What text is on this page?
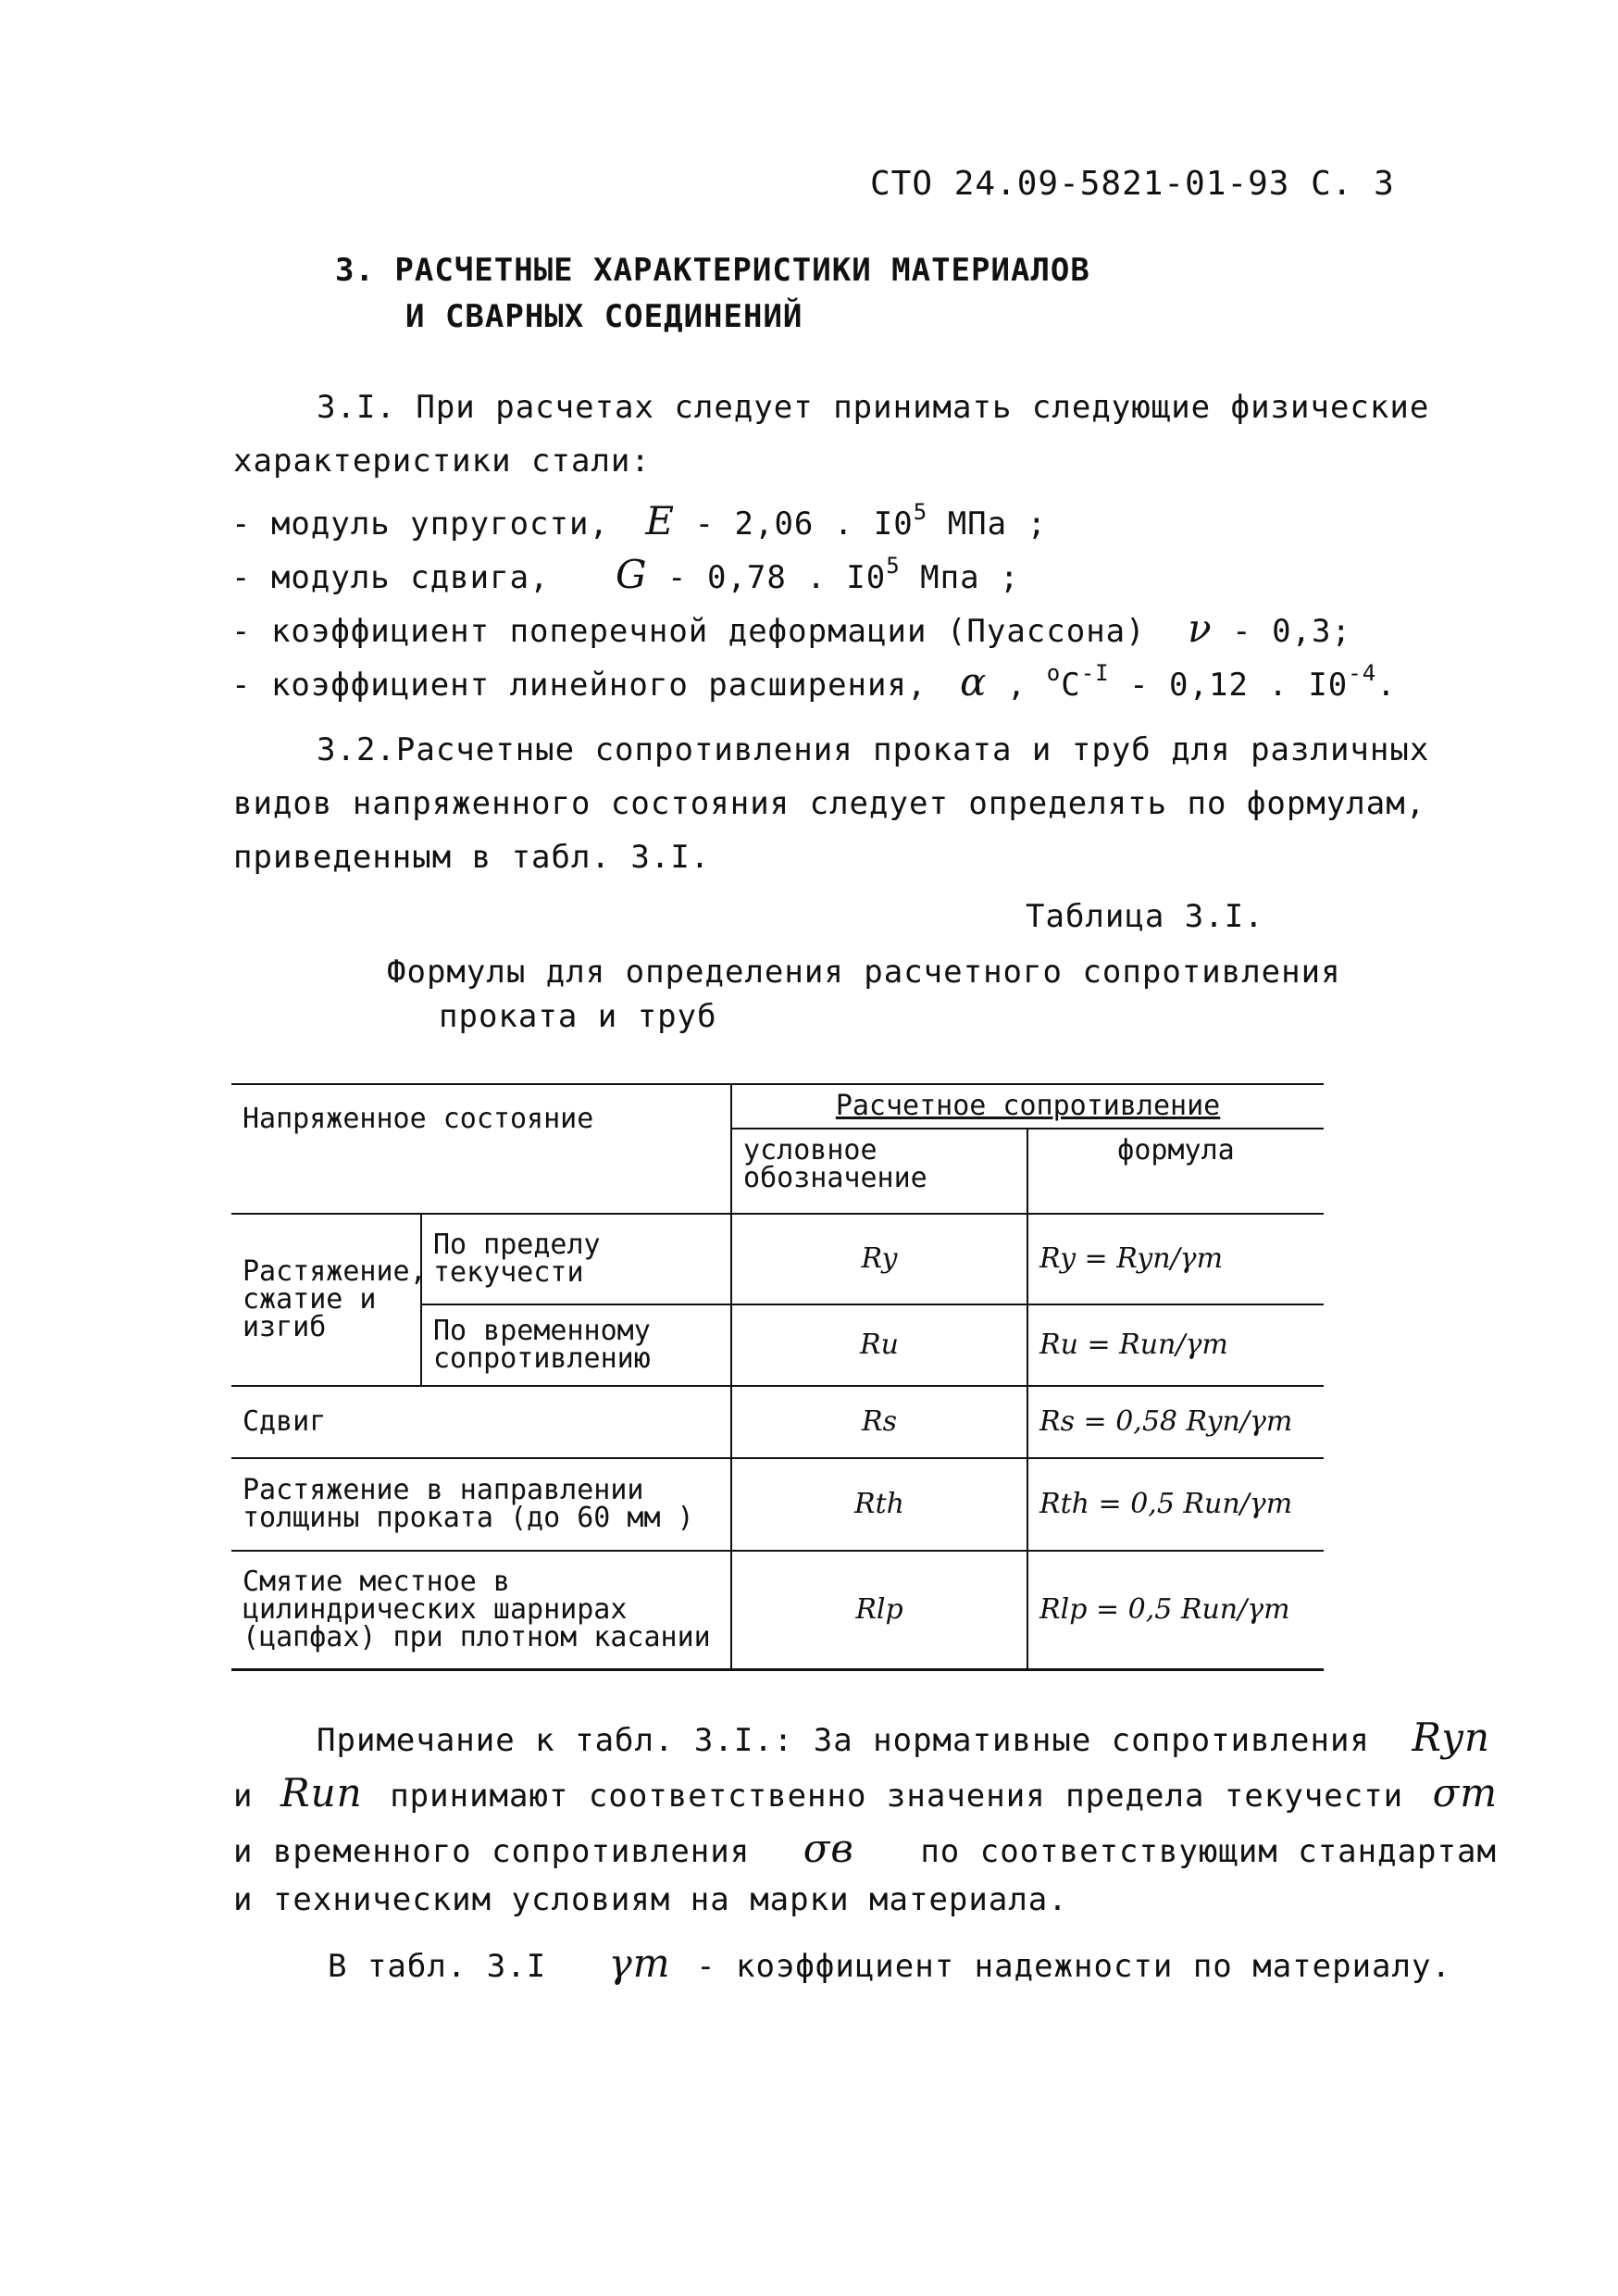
СТО 24.09-5821-01-93 С. 3
3. РАСЧЕТНЫЕ ХАРАКТЕРИСТИКИ МАТЕРИАЛОВ
И СВАРНЫХ СОЕДИНЕНИЙ
3.I. При расчетах следует принимать следующие физические
характеристики стали:
- модуль упругости, E - 2,06 . $I0^5$ МПа ;
- модуль сдвига, G - 0,78 . $I0^5$ Мпа ;
- коэффициент поперечной деформации (Пуассона) ν - 0,3;
- коэффициент линейного расширения, α , $^оС^{-I} - 0,12$ . $I0^{-4}$.
3.2.Расчетные сопротивления проката и труб для различных
видов напряженного состояния следует определять по формулам,
приведенным в табл. 3.I.
Таблица 3.I.
Формулы для определения расчетного сопротивления
проката и труб
Напряженное состояние		Расчетное сопротивление	
		условное обозначение	формула
Растяжение, сжатие и изгиб	По пределу текучести	Ry	Ry = Ryn/γm
	По временному сопротивлению	Ru	Ru = Run/γm
Сдвиг		Rs	Rs = 0,58 Ryn/γm
Растяжение в направлении толщины проката (до 60 мм )		Rth	Rth = 0,5 Run/γm
Смятие местное в цилиндрических шарнирах (цапфах) при плотном касании		Rlp	Rlp = 0,5 Run/γm
Примечание к табл. 3.I.: За нормативные сопротивления Ryn
и Run принимают соответственно значения предела текучести σт
и временного сопротивления σв по соответствующим стандартам
и техническим условиям на марки материала.
В табл. 3.I γm - коэффициент надежности по материалу.
